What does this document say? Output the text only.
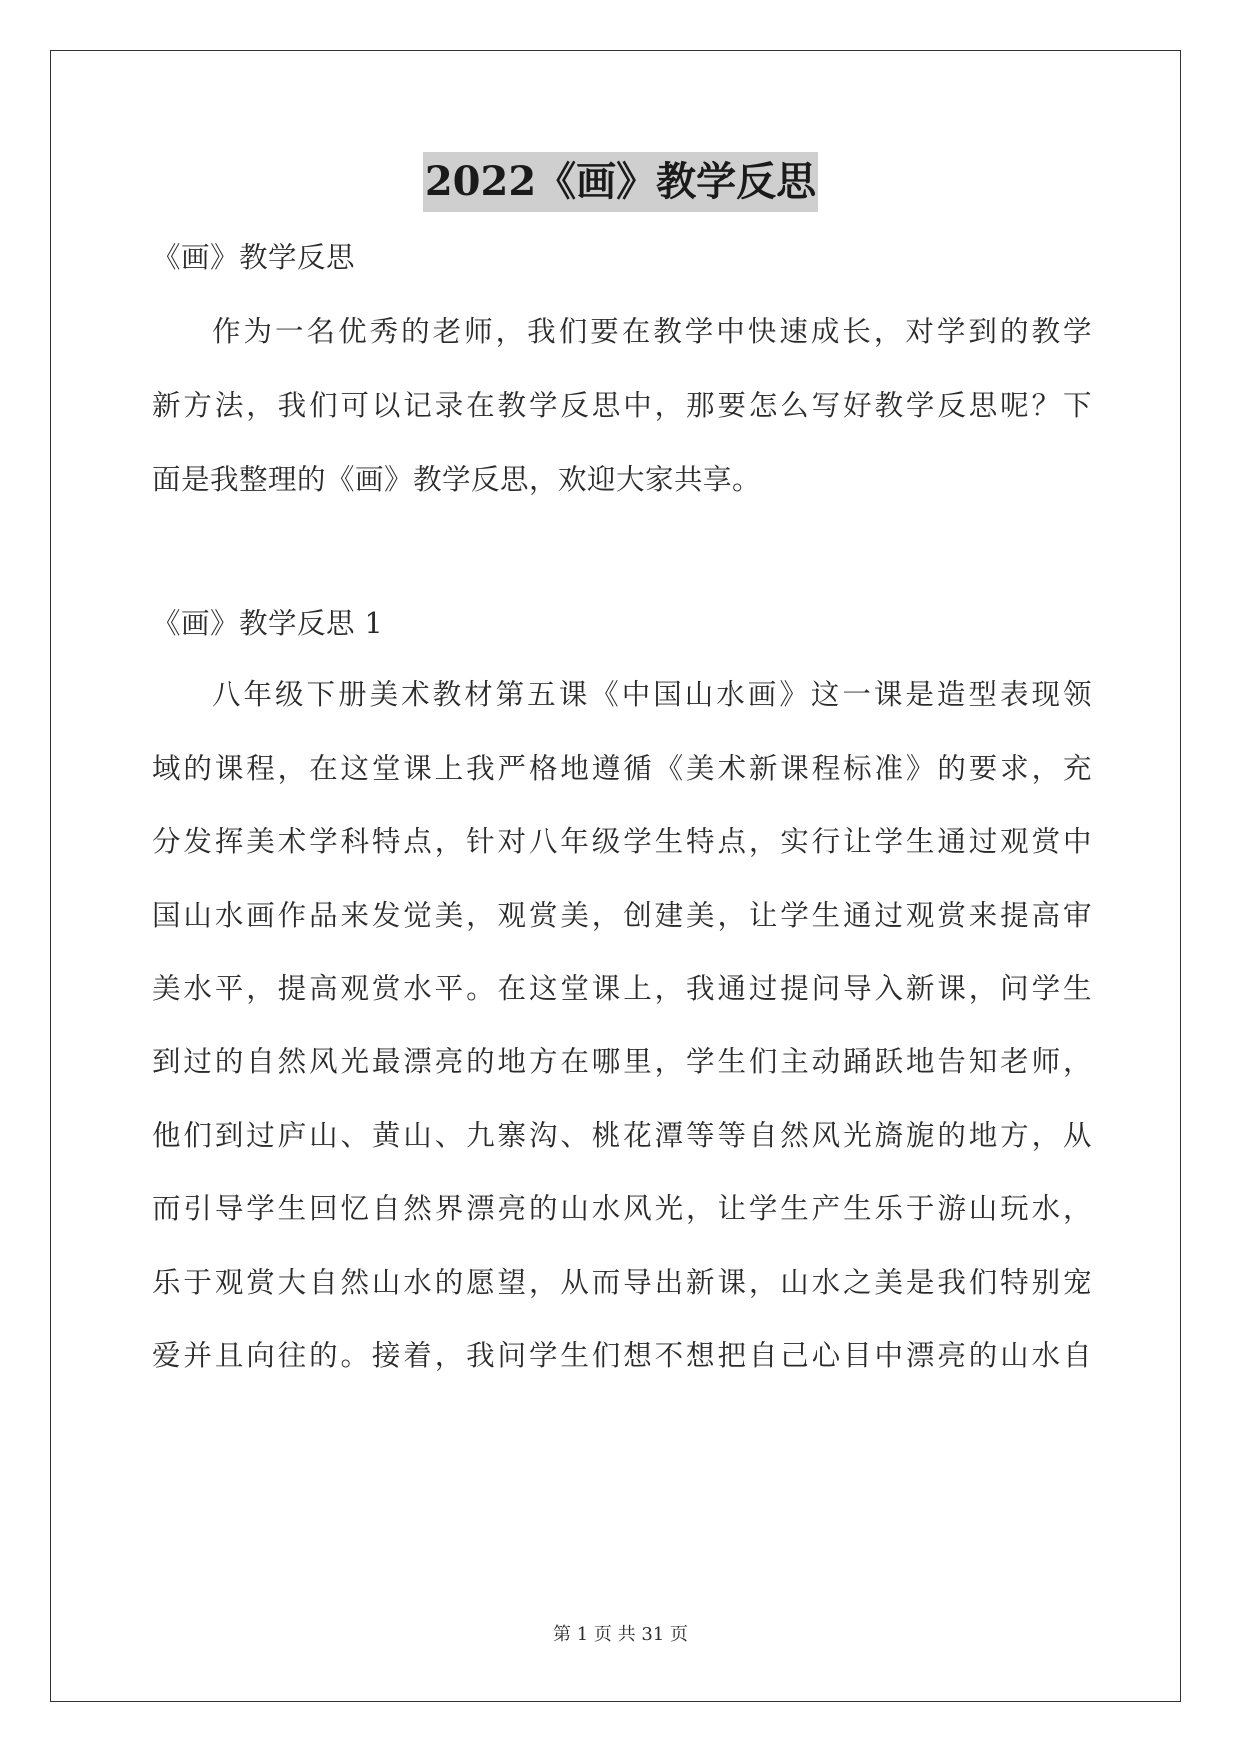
2022《画》教学反思
《画》教学反思
作为一名优秀的老师，我们要在教学中快速成长，对学到的教学
新方法，我们可以记录在教学反思中，那要怎么写好教学反思呢？下
面是我整理的《画》教学反思，欢迎大家共享。
《画》教学反思 1
八年级下册美术教材第五课《中国山水画》这一课是造型表现领
域的课程，在这堂课上我严格地遵循《美术新课程标准》的要求，充
分发挥美术学科特点，针对八年级学生特点，实行让学生通过观赏中
国山水画作品来发觉美，观赏美，创建美，让学生通过观赏来提高审
美水平，提高观赏水平。在这堂课上，我通过提问导入新课，问学生
到过的自然风光最漂亮的地方在哪里，学生们主动踊跃地告知老师，
他们到过庐山、黄山、九寨沟、桃花潭等等自然风光旖旎的地方，从
而引导学生回忆自然界漂亮的山水风光，让学生产生乐于游山玩水，
乐于观赏大自然山水的愿望，从而导出新课，山水之美是我们特别宠
爱并且向往的。接着，我问学生们想不想把自己心目中漂亮的山水自
第 1 页 共 31 页
